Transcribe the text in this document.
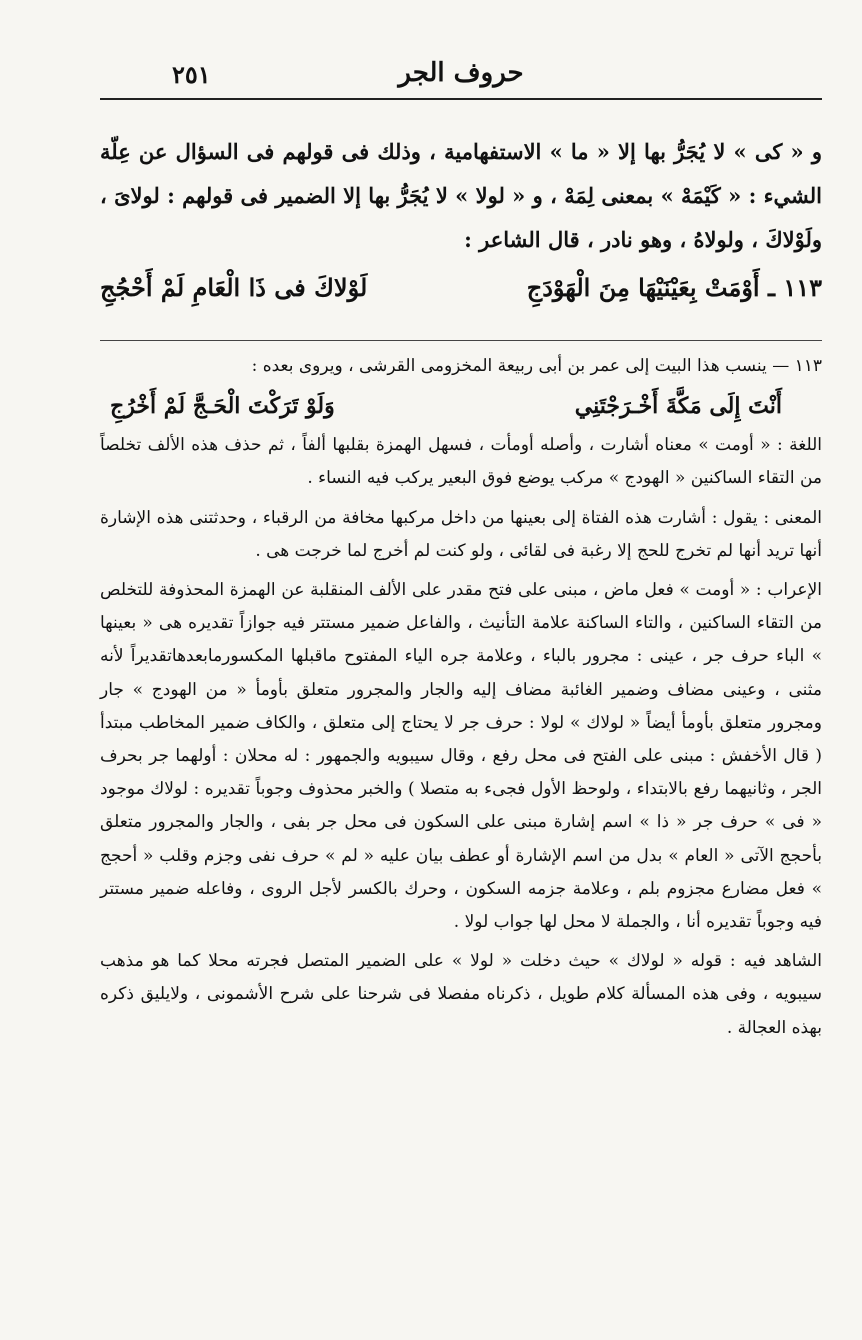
حروف الجر
٢٥١

و « کی » لا يُجَرُّ بها إلا « ما » الاستفهامية ، وذلك فى قولهم فى السؤال عن عِلّة الشيء : « كَيْمَهْ » بمعنى لِمَهْ ، و « لولا » لا يُجَرُّ بها إلا الضمير فى قولهم : لولاىَ ، ولَوْلاكَ ، ولولاهُ ، وهو نادر ، قال الشاعر :

١١٣ ـ أَوْمَتْ بِعَيْنَيْهَا مِنَ الْهَوْدَجِ
لَوْلاكَ فى ذَا الْعَامِ لَمْ أَحْجُجِ

١١٣ — ينسب هذا البيت إلى عمر بن أبى ربيعة المخزومى القرشى ، ويروى بعده :

أَنْتَ إِلَى مَكَّةَ أَخْـرَجْتَنِي
وَلَوْ تَرَكْتَ الْحَـجَّ لَمْ أَخْرُجِ

اللغة : « أومت » معناه أشارت ، وأصله أومأت ، فسهل الهمزة بقلبها ألفاً ، ثم حذف هذه الألف تخلصاً من التقاء الساكنين « الهودج » مركب يوضع فوق البعير يركب فيه النساء .

المعنى : يقول : أشارت هذه الفتاة إلى بعينها من داخل مركبها مخافة من الرقباء ، وحدثتنى هذه الإشارة أنها تريد أنها لم تخرج للحج إلا رغبة فى لقائى ، ولو كنت لم أخرج لما خرجت هى .

الإعراب : « أومت » فعل ماض ، مبنى على فتح مقدر على الألف المنقلبة عن الهمزة المحذوفة للتخلص من التقاء الساكنين ، والتاء الساكنة علامة التأنيث ، والفاعل ضمير مستتر فيه جوازاً تقديره هى « بعينها » الباء حرف جر ، عينى : مجرور بالباء ، وعلامة جره الياء المفتوح ماقبلها المكسورمابعدهاتقديراً لأنه مثنى ، وعينى مضاف وضمير الغائبة مضاف إليه والجار والمجرور متعلق بأومأ « من الهودج » جار ومجرور متعلق بأومأ أيضاً « لولاك » لولا : حرف جر لا يحتاج إلى متعلق ، والكاف ضمير المخاطب مبتدأ ( قال الأخفش : مبنى على الفتح فى محل رفع ، وقال سيبويه والجمهور : له محلان : أولهما جر بحرف الجر ، وثانيهما رفع بالابتداء ، ولوحظ الأول فجىء به متصلا ) والخبر محذوف وجوباً تقديره : لولاك موجود « فى » حرف جر « ذا » اسم إشارة مبنى على السكون فى محل جر بفى ، والجار والمجرور متعلق بأحجج الآتى « العام » بدل من اسم الإشارة أو عطف بيان عليه « لم » حرف نفى وجزم وقلب « أحجج » فعل مضارع مجزوم بلم ، وعلامة جزمه السكون ، وحرك بالكسر لأجل الروى ، وفاعله ضمير مستتر فيه وجوباً تقديره أنا ، والجملة لا محل لها جواب لولا .

الشاهد فيه : قوله « لولاك » حيث دخلت « لولا » على الضمير المتصل فجرته محلا كما هو مذهب سيبويه ، وفى هذه المسألة كلام طويل ، ذكرناه مفصلا فى شرحنا على شرح الأشمونى ، ولايليق ذكره بهذه العجالة .
